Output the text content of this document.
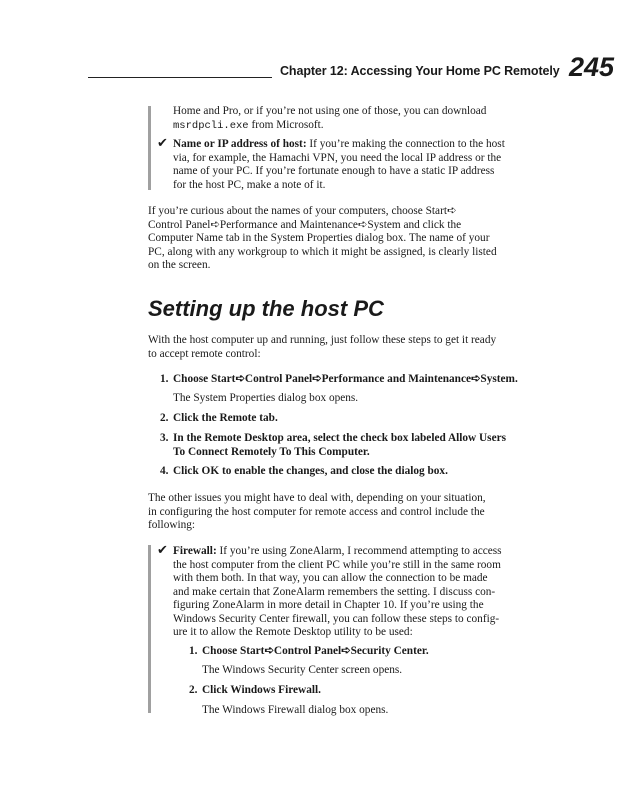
Chapter 12: Accessing Your Home PC Remotely 245

Home and Pro, or if you’re not using one of those, you can download
msrdpcli.exe from Microsoft.

✔ Name or IP address of host: If you’re making the connection to the host
via, for example, the Hamachi VPN, you need the local IP address or the
name of your PC. If you’re fortunate enough to have a static IP address
for the host PC, make a note of it.

If you’re curious about the names of your computers, choose Start➪
Control Panel➪Performance and Maintenance➪System and click the
Computer Name tab in the System Properties dialog box. The name of your
PC, along with any workgroup to which it might be assigned, is clearly listed
on the screen.

Setting up the host PC

With the host computer up and running, just follow these steps to get it ready
to accept remote control:

1. Choose Start➪Control Panel➪Performance and Maintenance➪System.

The System Properties dialog box opens.

2. Click the Remote tab.

3. In the Remote Desktop area, select the check box labeled Allow Users
To Connect Remotely To This Computer.

4. Click OK to enable the changes, and close the dialog box.

The other issues you might have to deal with, depending on your situation,
in configuring the host computer for remote access and control include the
following:

✔ Firewall: If you’re using ZoneAlarm, I recommend attempting to access
the host computer from the client PC while you’re still in the same room
with them both. In that way, you can allow the connection to be made
and make certain that ZoneAlarm remembers the setting. I discuss con-
figuring ZoneAlarm in more detail in Chapter 10. If you’re using the
Windows Security Center firewall, you can follow these steps to config-
ure it to allow the Remote Desktop utility to be used:

1. Choose Start➪Control Panel➪Security Center.

The Windows Security Center screen opens.

2. Click Windows Firewall.

The Windows Firewall dialog box opens.
